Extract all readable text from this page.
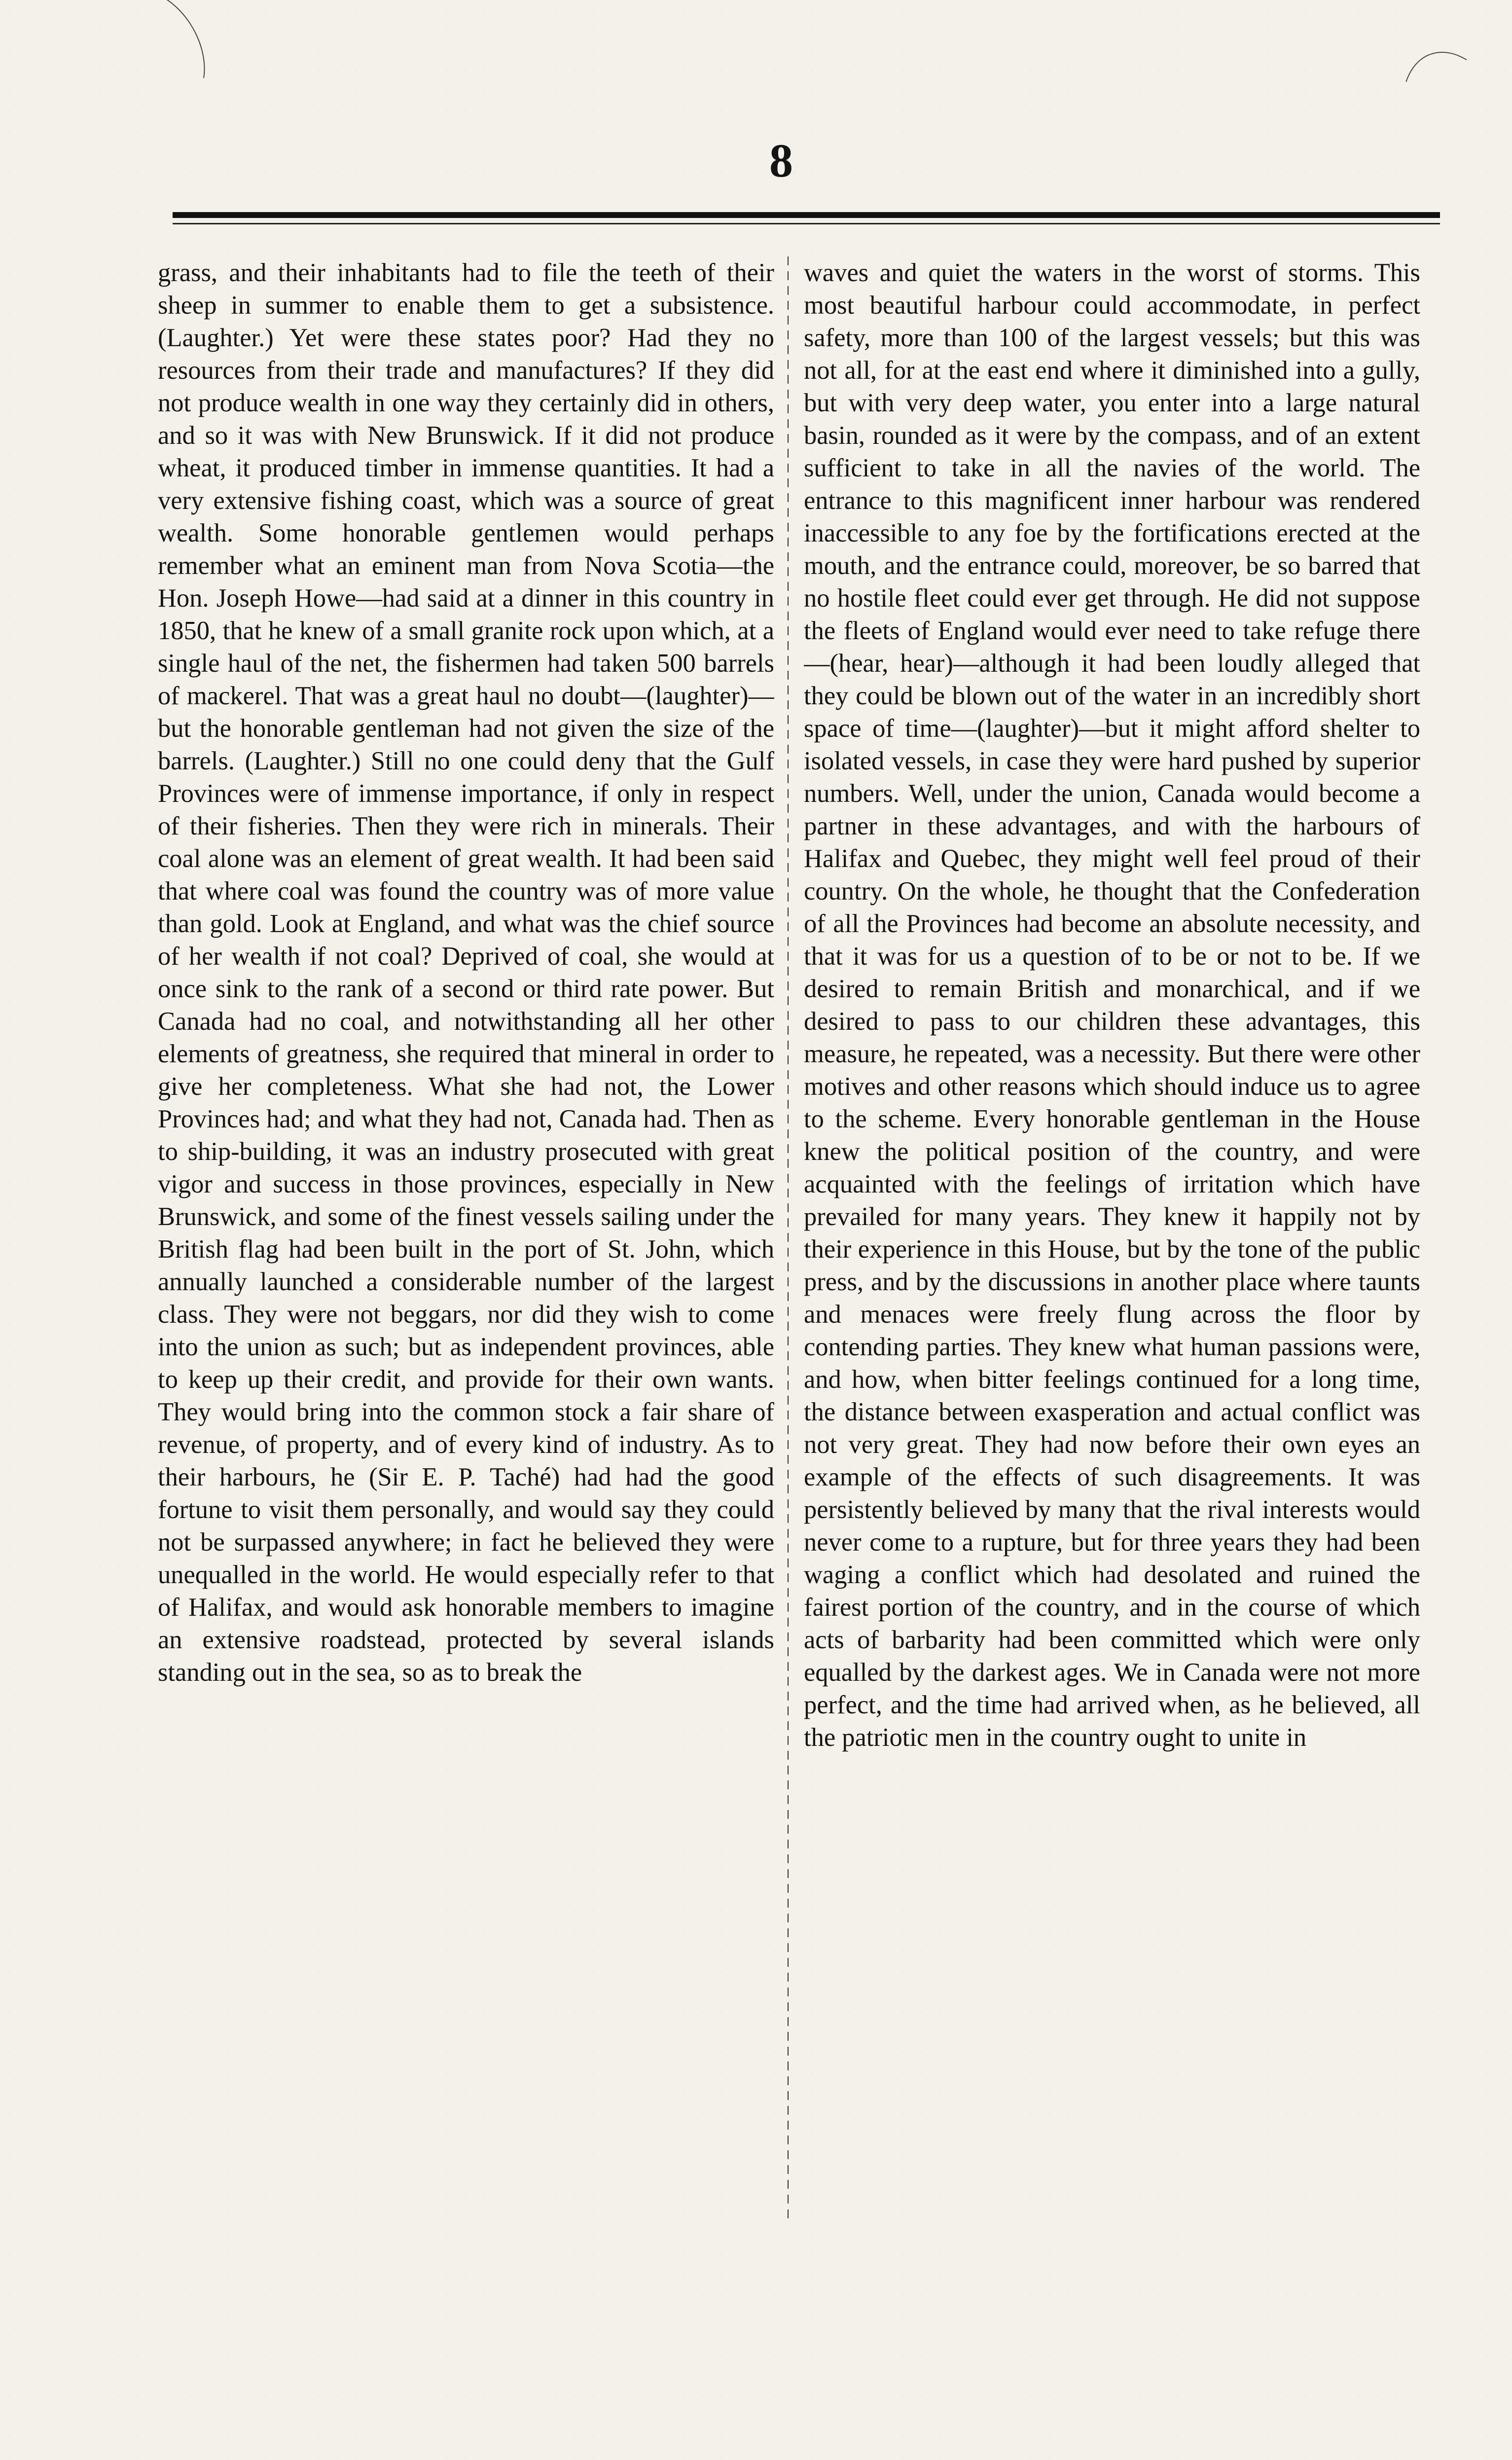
8

grass, and their inhabitants had to file the teeth of their sheep in summer to enable them to get a subsistence. (Laughter.) Yet were these states poor? Had they no resources from their trade and manufactures? If they did not produce wealth in one way they certainly did in others, and so it was with New Brunswick. If it did not produce wheat, it produced timber in immense quantities. It had a very extensive fishing coast, which was a source of great wealth. Some honorable gentlemen would perhaps remember what an eminent man from Nova Scotia—the Hon. Joseph Howe—had said at a dinner in this country in 1850, that he knew of a small granite rock upon which, at a single haul of the net, the fishermen had taken 500 barrels of mackerel. That was a great haul no doubt—(laughter)—but the honorable gentleman had not given the size of the barrels. (Laughter.) Still no one could deny that the Gulf Provinces were of immense importance, if only in respect of their fisheries. Then they were rich in minerals. Their coal alone was an element of great wealth. It had been said that where coal was found the country was of more value than gold. Look at England, and what was the chief source of her wealth if not coal? Deprived of coal, she would at once sink to the rank of a second or third rate power. But Canada had no coal, and notwithstanding all her other elements of greatness, she required that mineral in order to give her completeness. What she had not, the Lower Provinces had; and what they had not, Canada had. Then as to ship-building, it was an industry prosecuted with great vigor and success in those provinces, especially in New Brunswick, and some of the finest vessels sailing under the British flag had been built in the port of St. John, which annually launched a considerable number of the largest class. They were not beggars, nor did they wish to come into the union as such; but as independent provinces, able to keep up their credit, and provide for their own wants. They would bring into the common stock a fair share of revenue, of property, and of every kind of industry. As to their harbours, he (Sir E. P. Taché) had had the good fortune to visit them personally, and would say they could not be surpassed anywhere; in fact he believed they were unequalled in the world. He would especially refer to that of Halifax, and would ask honorable members to imagine an extensive roadstead, protected by several islands standing out in the sea, so as to break the

waves and quiet the waters in the worst of storms. This most beautiful harbour could accommodate, in perfect safety, more than 100 of the largest vessels; but this was not all, for at the east end where it diminished into a gully, but with very deep water, you enter into a large natural basin, rounded as it were by the compass, and of an extent sufficient to take in all the navies of the world. The entrance to this magnificent inner harbour was rendered inaccessible to any foe by the fortifications erected at the mouth, and the entrance could, moreover, be so barred that no hostile fleet could ever get through. He did not suppose the fleets of England would ever need to take refuge there—(hear, hear)—although it had been loudly alleged that they could be blown out of the water in an incredibly short space of time—(laughter)—but it might afford shelter to isolated vessels, in case they were hard pushed by superior numbers. Well, under the union, Canada would become a partner in these advantages, and with the harbours of Halifax and Quebec, they might well feel proud of their country. On the whole, he thought that the Confederation of all the Provinces had become an absolute necessity, and that it was for us a question of to be or not to be. If we desired to remain British and monarchical, and if we desired to pass to our children these advantages, this measure, he repeated, was a necessity. But there were other motives and other reasons which should induce us to agree to the scheme. Every honorable gentleman in the House knew the political position of the country, and were acquainted with the feelings of irritation which have prevailed for many years. They knew it happily not by their experience in this House, but by the tone of the public press, and by the discussions in another place where taunts and menaces were freely flung across the floor by contending parties. They knew what human passions were, and how, when bitter feelings continued for a long time, the distance between exasperation and actual conflict was not very great. They had now before their own eyes an example of the effects of such disagreements. It was persistently believed by many that the rival interests would never come to a rupture, but for three years they had been waging a conflict which had desolated and ruined the fairest portion of the country, and in the course of which acts of barbarity had been committed which were only equalled by the darkest ages. We in Canada were not more perfect, and the time had arrived when, as he believed, all the patriotic men in the country ought to unite in
